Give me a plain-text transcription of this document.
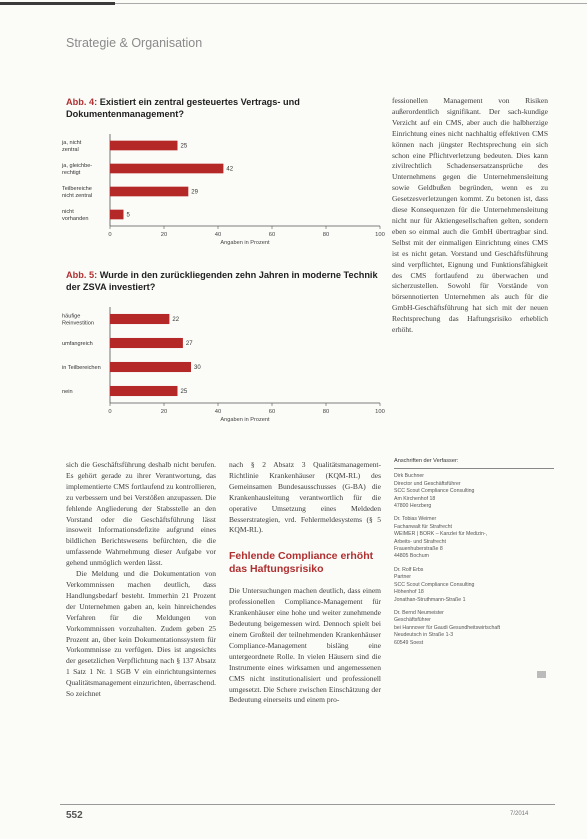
Strategie & Organisation
Abb. 4: Existiert ein zentral gesteuertes Vertrags- und Dokumentenmanagement?
25
ja, nicht
zentral
42
ja, gleichbe-
rechtigt
29
Teilbereiche
nicht zentral
5
nicht
vorhanden
0	20	40	60	80	100
Angaben in Prozent
Abb. 5: Wurde in den zurückliegenden zehn Jahren in moderne Technik der ZSVA investiert?
22
häufige
Reinvestition
27
umfangreich
30
in Teilbereichen
25
nein
0	20	40	60	80	100
Angaben in Prozent

fessionellen Management von Risiken außerordentlich signifikant. Der sach-kundige Verzicht auf ein CMS, aber auch die halbherzige Einrichtung eines nicht nachhaltig effektiven CMS können nach jüngster Rechtsprechung ein sich schon eine Pflichtverletzung bedeuten. Dies kann zivilrechtlich Schadensersatzansprüche des Unternehmens gegen die Unternehmensleitung sowie Geldbußen begründen, wenn es zu Gesetzesverletzungen kommt. Zu betonen ist, dass diese Konsequenzen für die Unternehmensleitung nicht nur für Aktiengesellschaften gelten, sondern eben so einmal auch die GmbH übertragbar sind. Selbst mit der einmaligen Einrichtung eines CMS ist es nicht getan. Vorstand und Geschäftsführung sind verpflichtet, Eignung und Funktionsfähigkeit des CMS fortlaufend zu überwachen und sicherzustellen. Sowohl für Vorstände von börsennotierten Unternehmen als auch für die GmbH-Geschäftsführung hat sich mit der neuen Rechtsprechung das Haftungsrisiko erheblich erhöht.

sich die Geschäftsführung deshalb nicht berufen. Es gehört gerade zu ihrer Verantwortung, das implementierte CMS fortlaufend zu kontrollieren, zu verbessern und bei Verstößen anzupassen. Die fehlende Angliederung der Stabsstelle an den Vorstand oder die Geschäftsführung lässt insoweit Informationsdefizite aufgrund eines bildlichen Berichtswesens befürchten, die die umfassende Wahrnehmung dieser Aufgabe vor gehend unmöglich werden lässt.

Die Meldung und die Dokumentation von Verkommnissen machen deutlich, dass Handlungsbedarf besteht. Immerhin 21 Prozent der Unternehmen gaben an, kein hinreichendes Verfahren für die Meldungen von Vorkommnissen vorzuhalten. Zudem geben 25 Prozent an, über kein Dokumentationssystem für Vorkommnisse zu verfügen. Dies ist angesichts der gesetzlichen Verpflichtung nach § 137 Absatz 1 Satz 1 Nr. 1 SGB V ein einrichtungsinternes Qualitätsmanagement einzurichten, überraschend. So zeichnet

nach § 2 Absatz 3 Qualitätsmanagement-Richtlinie Krankenhäuser (KQM-RL) des Gemeinsamen Bundesausschusses (G-BA) die Krankenhausleitung verantwortlich für die operative Umsetzung eines Meldeden Besserstrategien, vrd. Fehlermeldesystems (§ 5 KQM-RL).

Fehlende Compliance erhöht das Haftungsrisiko

Die Untersuchungen machen deutlich, dass einem professionellen Compliance-Management für Krankenhäuser eine hohe und weiter zunehmende Bedeutung beigemessen wird. Dennoch spielt bei einem Großteil der teilnehmenden Krankenhäuser Compliance-Management bisläng eine untergeordnete Rolle. In vielen Häusern sind die Instrumente eines wirksamen und angemessenen CMS nicht institutionalisiert und professionell umgesetzt. Die Schere zwischen Einschätzung der Bedeutung einerseits und einem pro-

Anschriften der Verfasser:
Dirk Buchner
Director und Geschäftsführer
SCC Scout Compliance Consulting
Am Kirchenhof 18
47800 Herzberg
Dr. Tobias Weimer
Fachanwalt für Strafrecht
WEIMER | BORK – Kanzlei für Medizin-,
Arbeits- und Strafrecht
Frauenhuberstraße 8
44805 Bochum
Dr. Rolf Erbs
Partner
SCC Scout Compliance Consulting
Höhenhof 18
Jonathan-Struthmann-Straße 1
Dr. Bernd Neumeister
Geschäftsführer
bei Hannover für Gaudi Gesundheitswirtschaft
Neudeutsch in Straße 1-3
60549 Soest
552	7/2014
